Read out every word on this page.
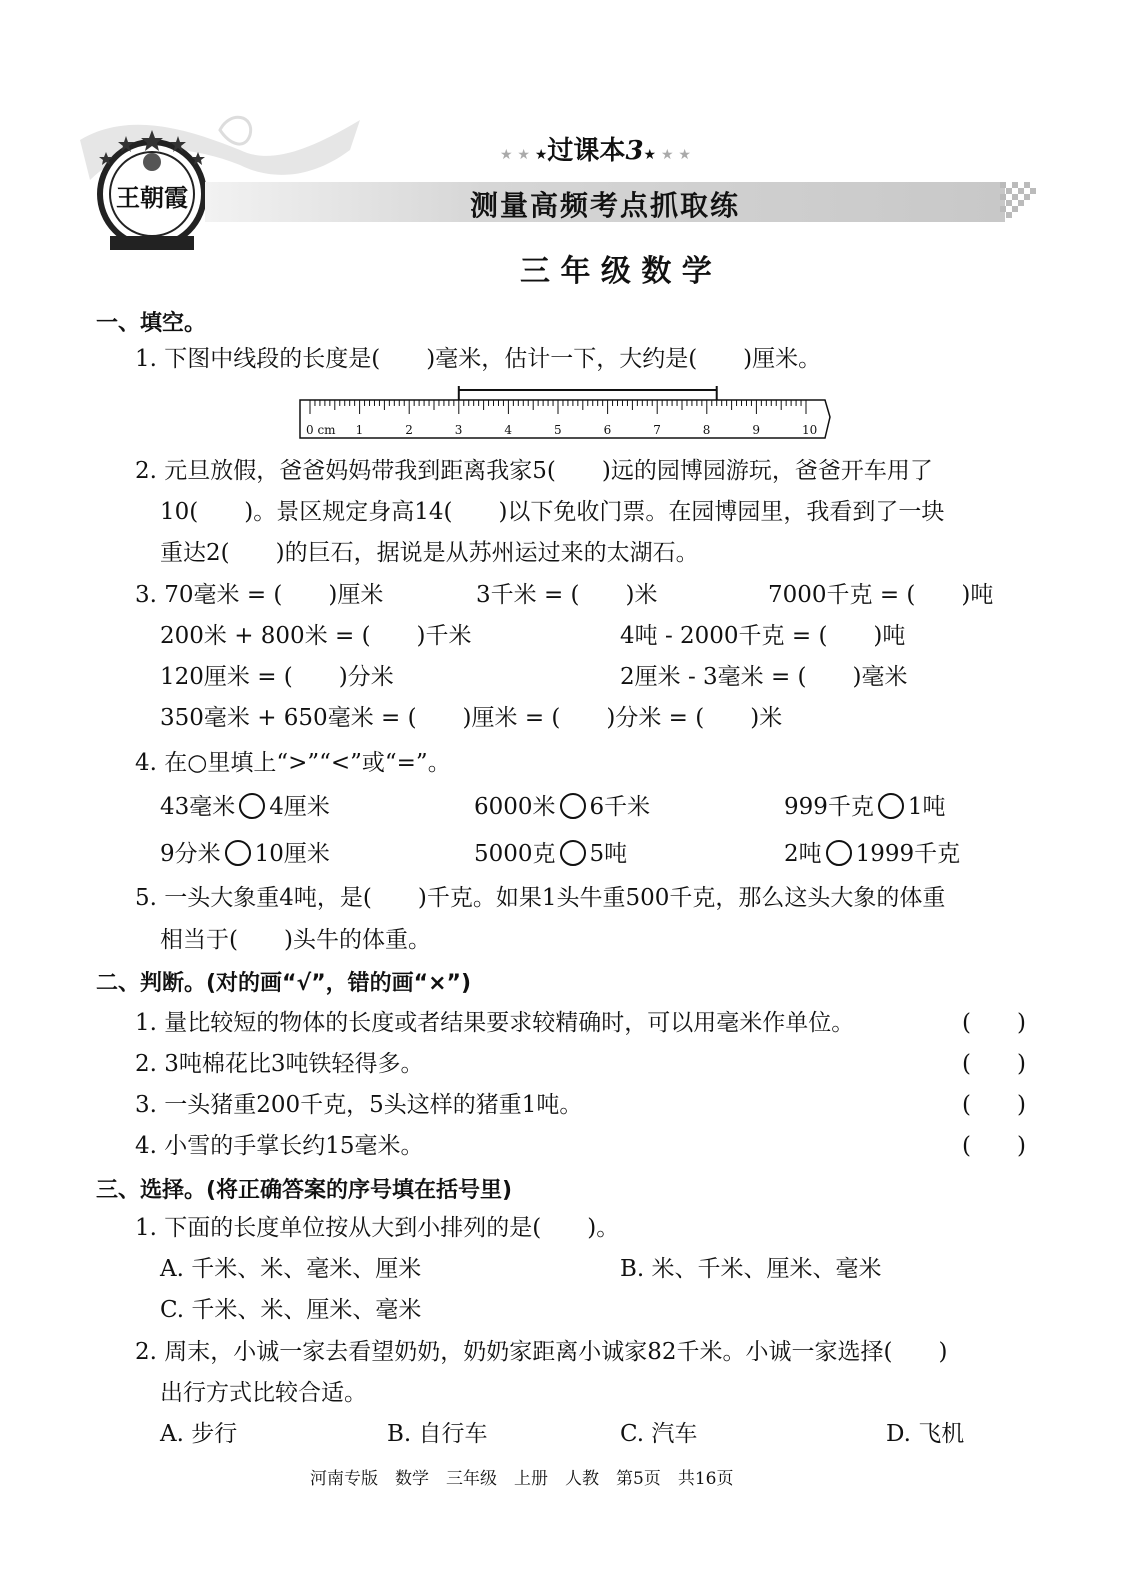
王朝霞
★ ★ ★过课本3★ ★ ★
测量高频考点抓取练
三 年 级 数 学
一、填空。
1. 下图中线段的长度是(　　)毫米，估计一下，大约是(　　)厘米。
0 cm 1	2	3	4	5	6	7	8	9	10
2. 元旦放假，爸爸妈妈带我到距离我家5(　　)远的园博园游玩，爸爸开车用了
10(　　)。景区规定身高14(　　)以下免收门票。在园博园里，我看到了一块
重达2(　　)的巨石，据说是从苏州运过来的太湖石。
3. 70毫米 = (　　)厘米	3千米 = (　　)米	7000千克 = (　　)吨
200米 + 800米 = (　　)千米	4吨 - 2000千克 = (　　)吨
120厘米 = (　　)分米	2厘米 - 3毫米 = (　　)毫米
350毫米 + 650毫米 = (　　)厘米 = (　　)分米 = (　　)米
4. 在○里填上“>”“<”或“=”。
43毫米 4厘米	6000米 6千米	999千克 1吨
9分米 10厘米	5000克 5吨	2吨 1999千克
5. 一头大象重4吨，是(　　)千克。如果1头牛重500千克，那么这头大象的体重
相当于(　　)头牛的体重。
二、判断。(对的画“√”，错的画“×”)
1. 量比较短的物体的长度或者结果要求较精确时，可以用毫米作单位。	(　　)
2. 3吨棉花比3吨铁轻得多。	(　　)
3. 一头猪重200千克，5头这样的猪重1吨。	(　　)
4. 小雪的手掌长约15毫米。	(　　)
三、选择。(将正确答案的序号填在括号里)
1. 下面的长度单位按从大到小排列的是(　　)。
A. 千米、米、毫米、厘米	B. 米、千米、厘米、毫米
C. 千米、米、厘米、毫米
2. 周末，小诚一家去看望奶奶，奶奶家距离小诚家82千米。小诚一家选择(　　)
出行方式比较合适。
A. 步行	B. 自行车	C. 汽车	D. 飞机
河南专版　数学　三年级　上册　人教　第5页　共16页
